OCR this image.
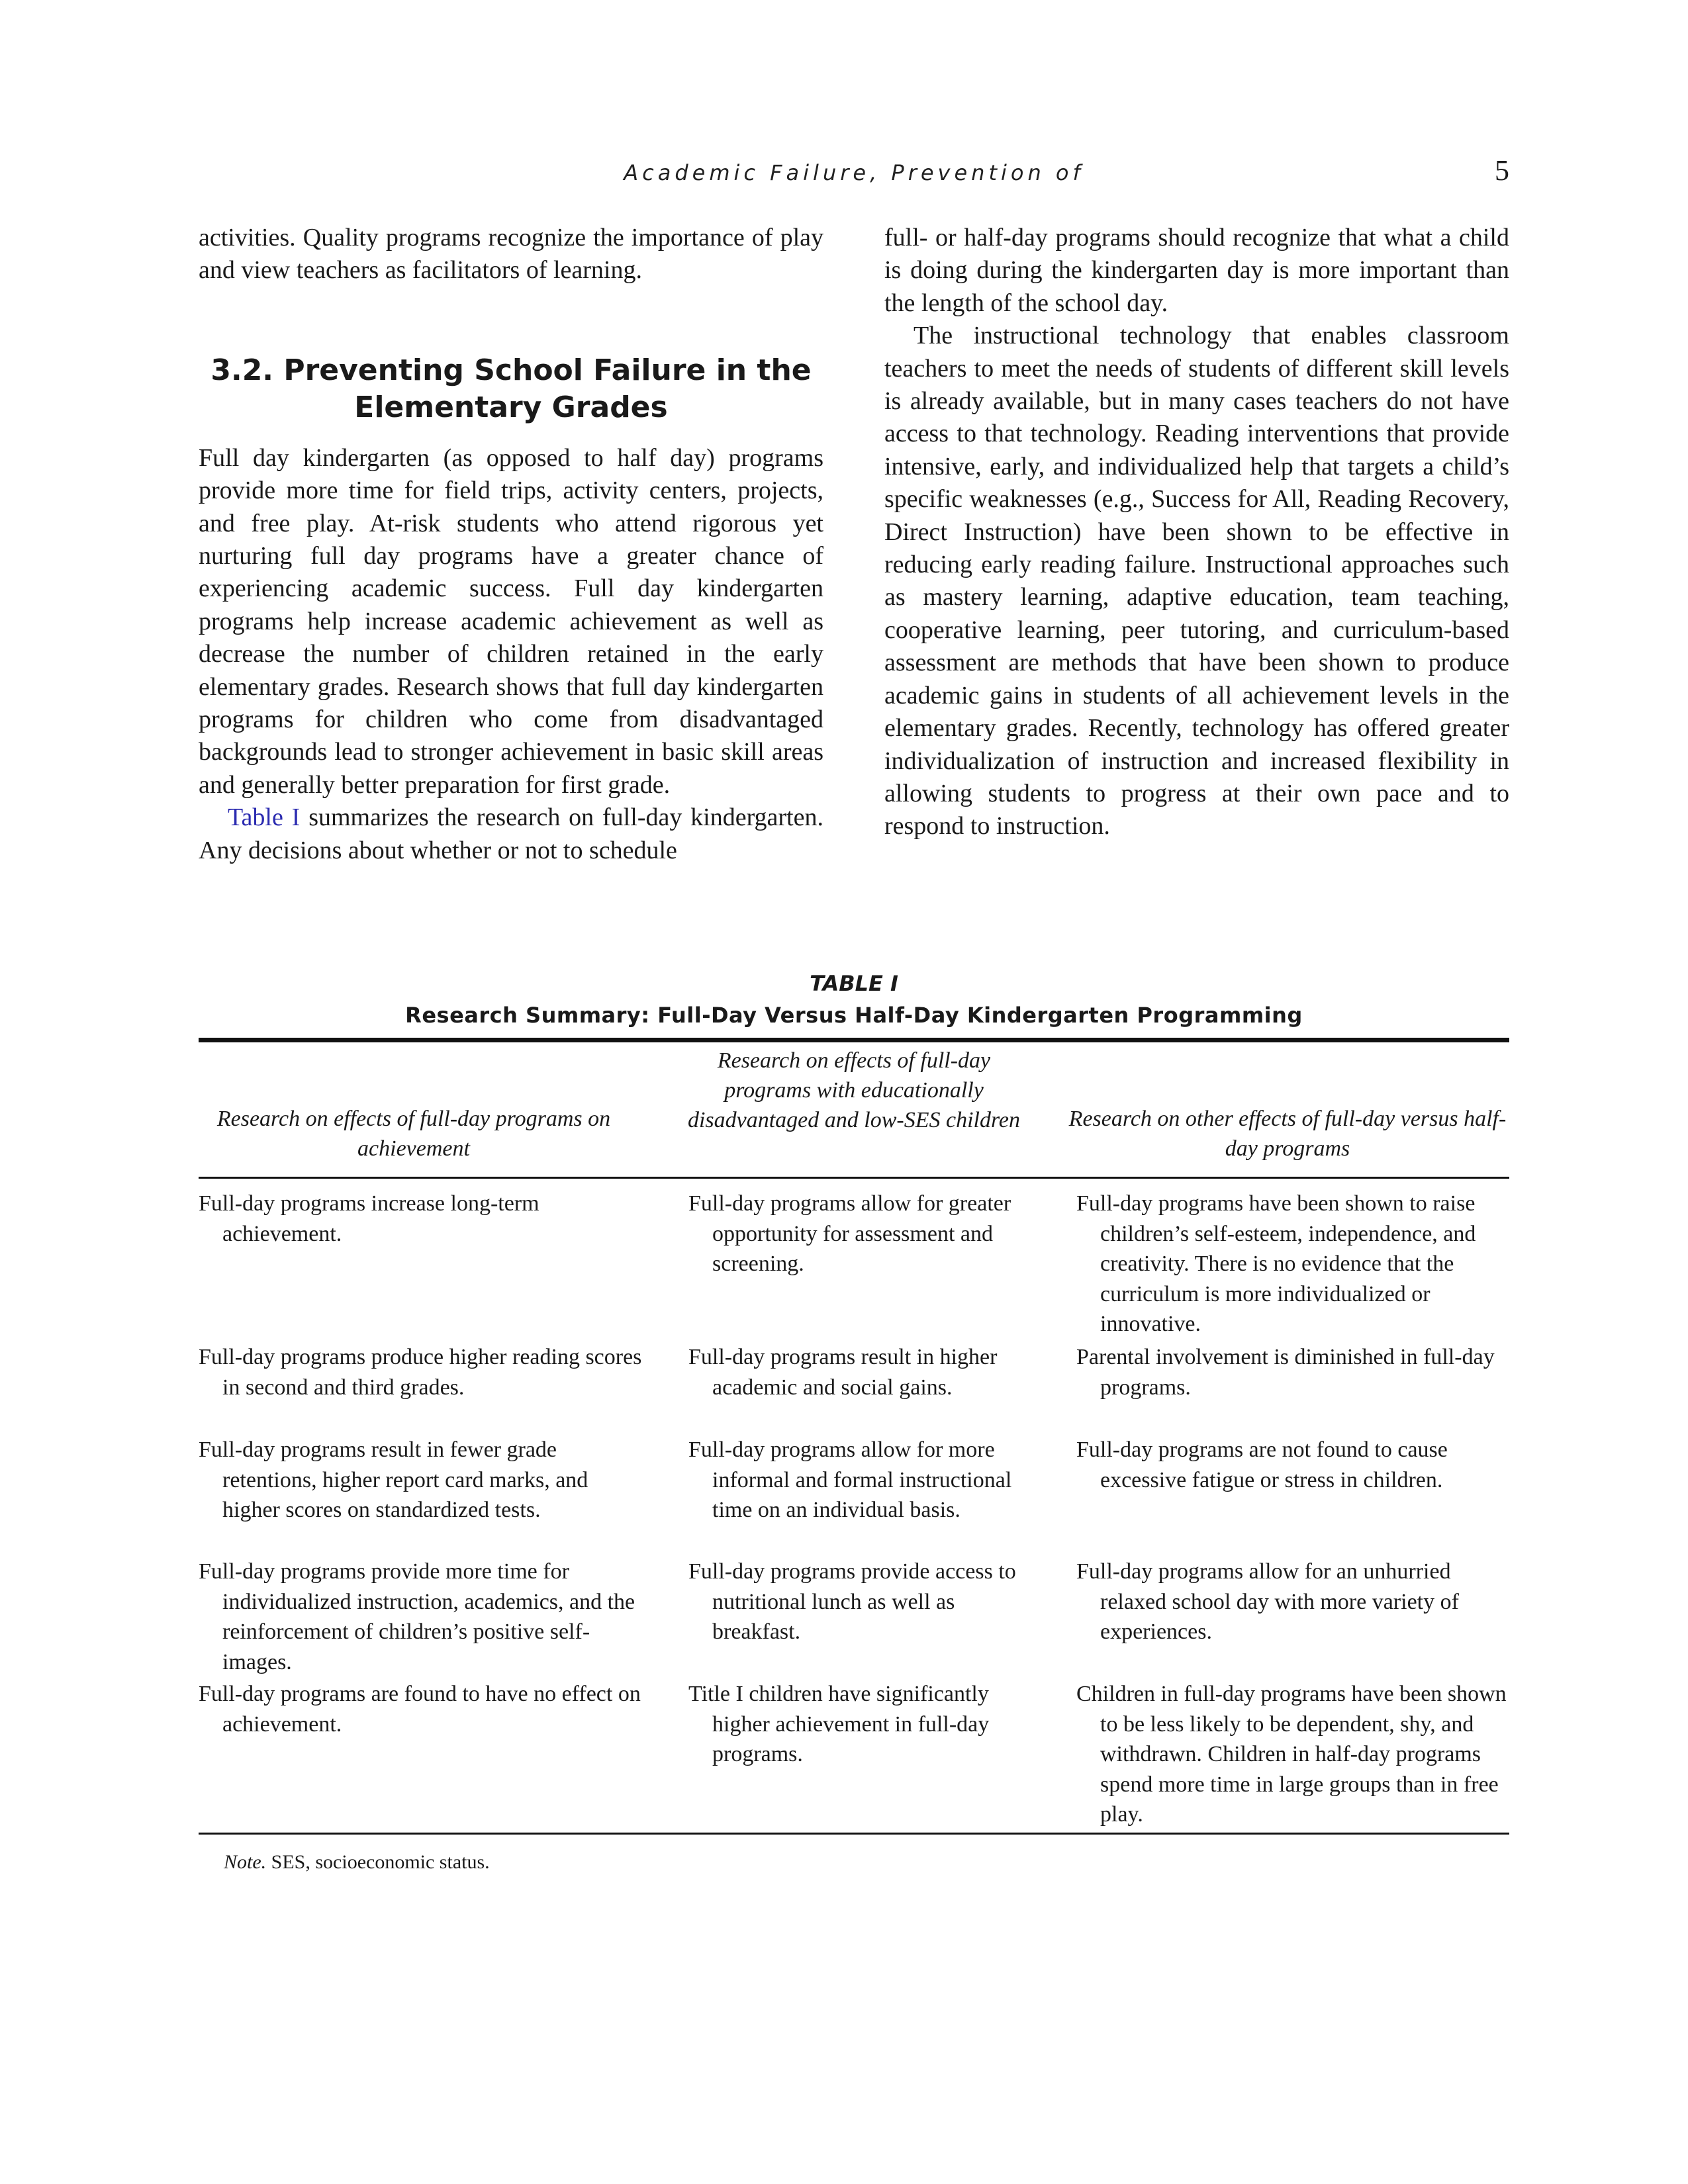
Academic Failure, Prevention of	5

activities. Quality programs recognize the importance of play and view teachers as facilitators of learning.

3.2. Preventing School Failure in the Elementary Grades

Full day kindergarten (as opposed to half day) programs provide more time for field trips, activity centers, projects, and free play. At-risk students who attend rigorous yet nurturing full day programs have a greater chance of experiencing academic success. Full day kindergarten programs help increase academic achievement as well as decrease the number of children retained in the early elementary grades. Research shows that full day kindergarten programs for children who come from disadvantaged backgrounds lead to stronger achievement in basic skill areas and generally better preparation for first grade.

Table I summarizes the research on full-day kindergarten. Any decisions about whether or not to schedule

full- or half-day programs should recognize that what a child is doing during the kindergarten day is more important than the length of the school day.

The instructional technology that enables classroom teachers to meet the needs of students of different skill levels is already available, but in many cases teachers do not have access to that technology. Reading interventions that provide intensive, early, and individualized help that targets a child’s specific weaknesses (e.g., Success for All, Reading Recovery, Direct Instruction) have been shown to be effective in reducing early reading failure. Instructional approaches such as mastery learning, adaptive education, team teaching, cooperative learning, peer tutoring, and curriculum-based assessment are methods that have been shown to produce academic gains in students of all achievement levels in the elementary grades. Recently, technology has offered greater individualization of instruction and increased flexibility in allowing students to progress at their own pace and to respond to instruction.

TABLE I
Research Summary: Full-Day Versus Half-Day Kindergarten Programming
Research on effects of full-day programs on achievement
Research on effects of full-day programs with educationally disadvantaged and low-SES children Research on other effects of full-day versus half-day programs
Full-day programs increase long-term achievement.
Full-day programs allow for greater opportunity for assessment and screening.
Full-day programs have been shown to raise children’s self-esteem, independence, and creativity. There is no evidence that the curriculum is more individualized or innovative.
Full-day programs produce higher reading scores in second and third grades.
Full-day programs result in higher academic and social gains.
Parental involvement is diminished in full-day programs.
Full-day programs result in fewer grade retentions, higher report card marks, and higher scores on standardized tests.
Full-day programs allow for more informal and formal instructional time on an individual basis.
Full-day programs are not found to cause excessive fatigue or stress in children.
Full-day programs provide more time for individualized instruction, academics, and the reinforcement of children’s positive self-images.
Full-day programs provide access to nutritional lunch as well as breakfast.
Full-day programs allow for an unhurried relaxed school day with more variety of experiences.
Full-day programs are found to have no effect on achievement.
Title I children have significantly higher achievement in full-day programs.
Children in full-day programs have been shown to be less likely to be dependent, shy, and withdrawn. Children in half-day programs spend more time in large groups than in free play.
Note. SES, socioeconomic status.
